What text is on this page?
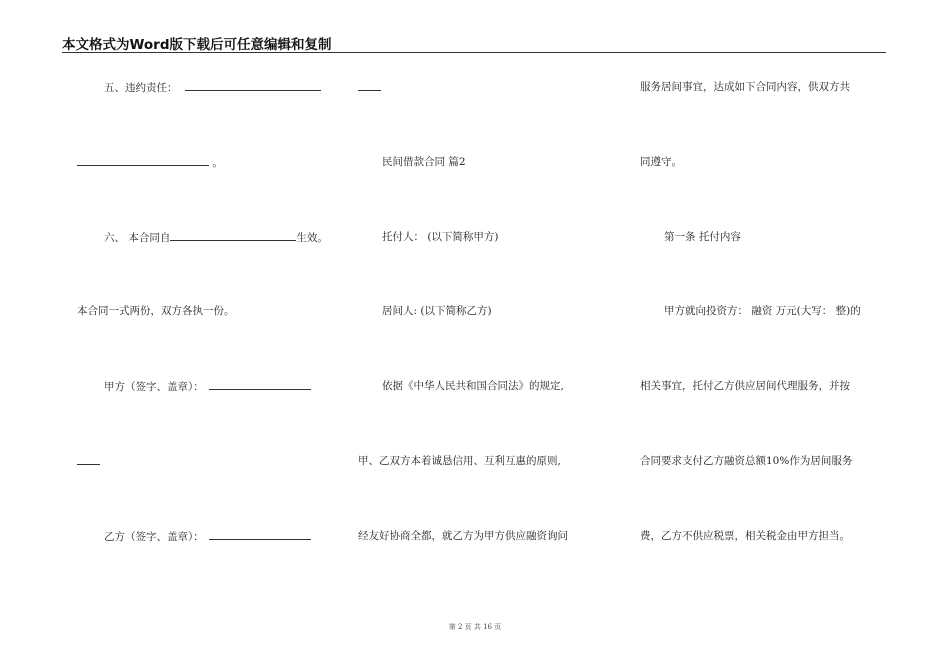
本文格式为Word版下载后可任意编辑和复制
五、违约责任：
。
六、 本合同自	生效。
本合同一式两份，双方各执一份。
甲方（签字、盖章）：
乙方（签字、盖章）：
民间借款合同 篇2
托付人： (以下简称甲方)
居间人: (以下简称乙方)
依据《中华人民共和国合同法》的规定,
甲、乙双方本着诚恳信用、互利互惠的原则,
经友好协商全都，就乙方为甲方供应融资询问
服务居间事宜，达成如下合同内容，供双方共
同遵守。
第一条 托付内容
甲方就向投资方： 融资 万元(大写： 整)的
相关事宜，托付乙方供应居间代理服务，并按
合同要求支付乙方融资总额10%作为居间服务
费，乙方不供应税票，相关税金由甲方担当。
第 2 页 共 16 页
